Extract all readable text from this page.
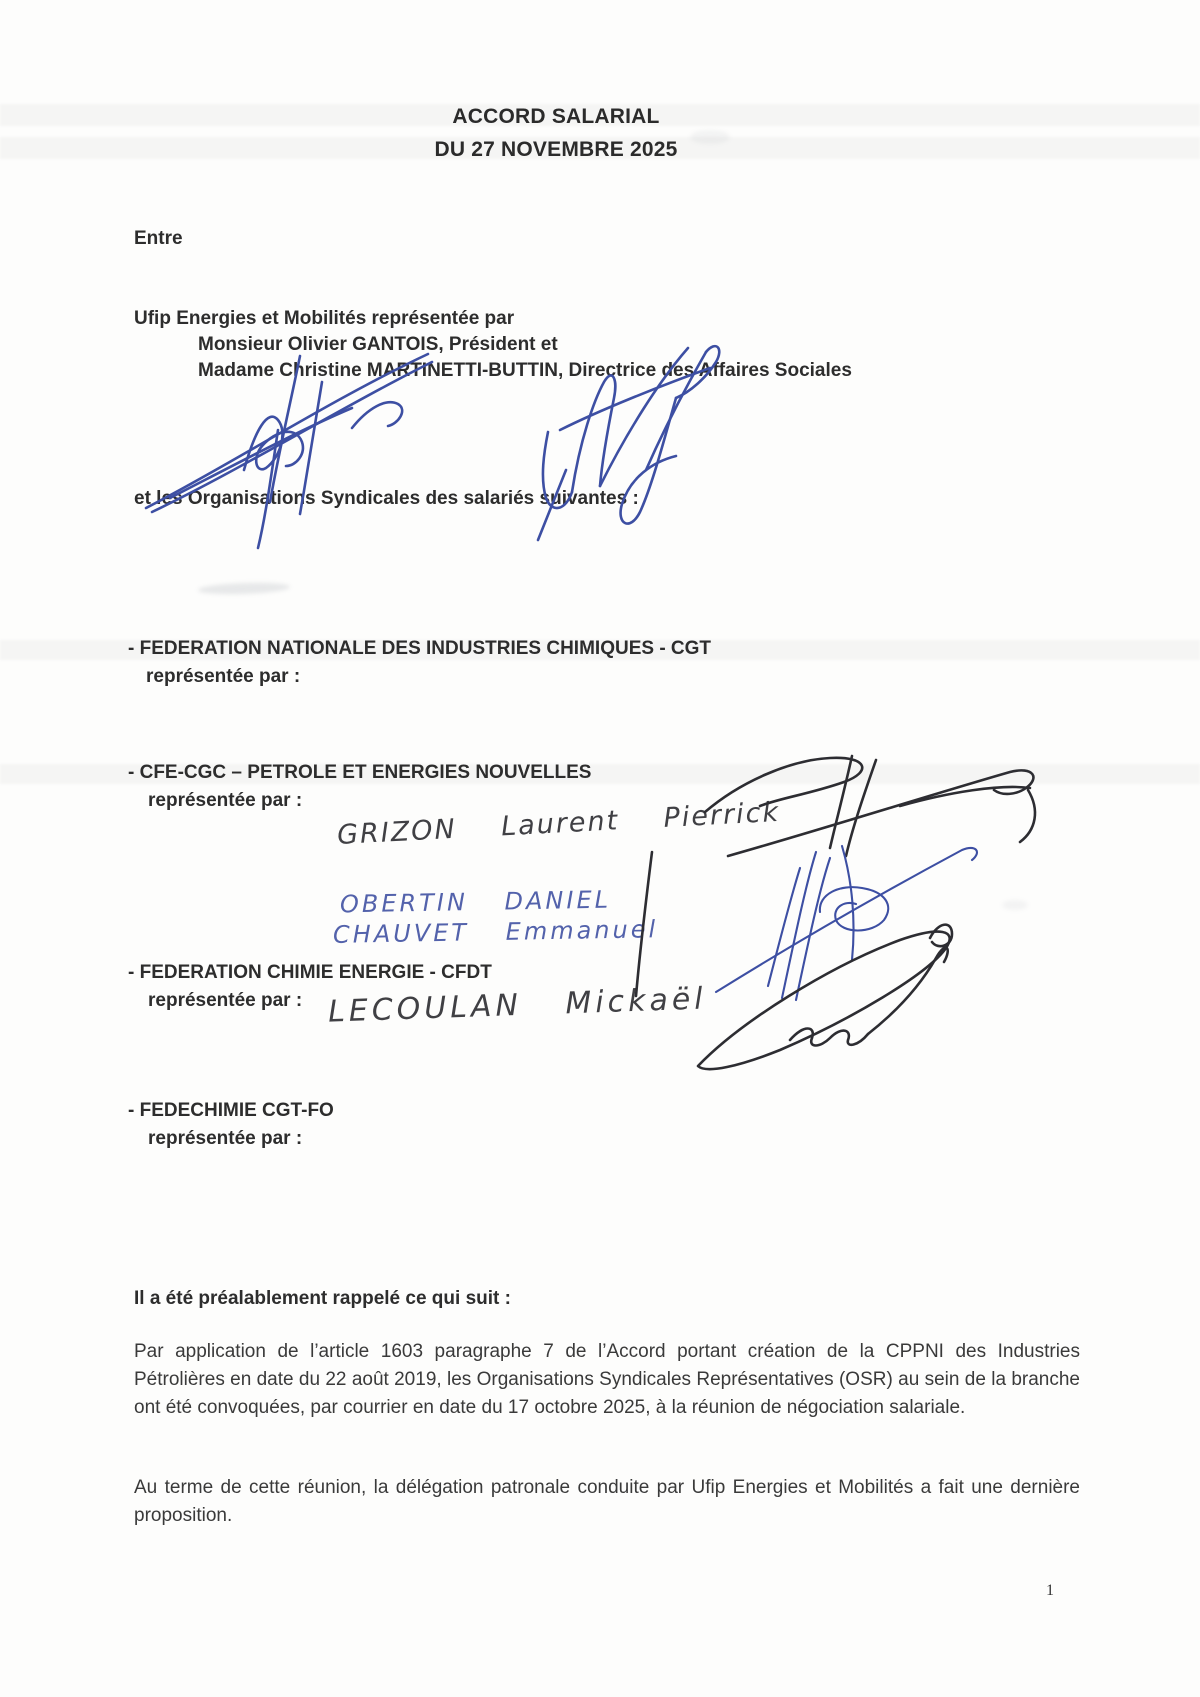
ACCORD SALARIAL
DU 27 NOVEMBRE 2025
Entre
Ufip Energies et Mobilités représentée par
Monsieur Olivier GANTOIS, Président et
Madame Christine MARTINETTI-BUTTIN, Directrice des Affaires Sociales
et les Organisations Syndicales des salariés suivantes :
- FEDERATION NATIONALE DES INDUSTRIES CHIMIQUES - CGT
représentée par :
- CFE-CGC – PETROLE ET ENERGIES NOUVELLES
représentée par : GRIZON Laurent Pierrick
OBERTIN DANIEL
CHAUVET Emmanuel
- FEDERATION CHIMIE ENERGIE - CFDT
représentée par : LECOULAN Mickaël
- FEDECHIMIE CGT-FO
représentée par :
Il a été préalablement rappelé ce qui suit :
Par application de l’article 1603 paragraphe 7 de l’Accord portant création de la CPPNI des Industries Pétrolières en date du 22 août 2019, les Organisations Syndicales Représentatives (OSR) au sein de la branche ont été convoquées, par courrier en date du 17 octobre 2025, à la réunion de négociation salariale.
Au terme de cette réunion, la délégation patronale conduite par Ufip Energies et Mobilités a fait une dernière proposition.
1
